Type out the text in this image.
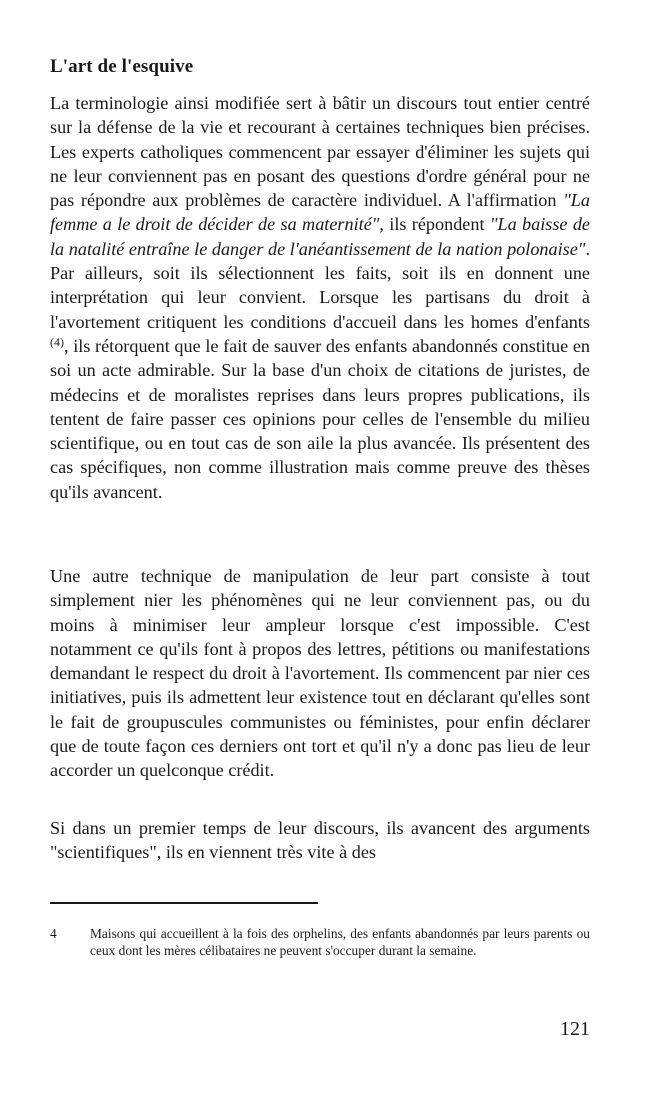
L'art de l'esquive

La terminologie ainsi modifiée sert à bâtir un discours tout entier centré sur la défense de la vie et recourant à certaines techniques bien précises. Les experts catholiques commencent par essayer d'éliminer les sujets qui ne leur conviennent pas en posant des questions d'ordre général pour ne pas répondre aux problèmes de caractère individuel. A l'affirmation "La femme a le droit de décider de sa maternité", ils répondent "La baisse de la natalité entraîne le danger de l'anéantissement de la nation polonaise". Par ailleurs, soit ils sélectionnent les faits, soit ils en donnent une interprétation qui leur convient. Lorsque les partisans du droit à l'avortement critiquent les conditions d'accueil dans les homes d'enfants $^{(4)}$, ils rétorquent que le fait de sauver des enfants abandonnés constitue en soi un acte admirable. Sur la base d'un choix de citations de juristes, de médecins et de moralistes reprises dans leurs propres publications, ils tentent de faire passer ces opinions pour celles de l'ensemble du milieu scientifique, ou en tout cas de son aile la plus avancée. Ils présentent des cas spécifiques, non comme illustration mais comme preuve des thèses qu'ils avancent.

Une autre technique de manipulation de leur part consiste à tout simplement nier les phénomènes qui ne leur conviennent pas, ou du moins à minimiser leur ampleur lorsque c'est impossible. C'est notamment ce qu'ils font à propos des lettres, pétitions ou manifestations demandant le respect du droit à l'avortement. Ils commencent par nier ces initiatives, puis ils admettent leur existence tout en déclarant qu'elles sont le fait de groupuscules communistes ou féministes, pour enfin déclarer que de toute façon ces derniers ont tort et qu'il n'y a donc pas lieu de leur accorder un quelconque crédit.

Si dans un premier temps de leur discours, ils avancent des arguments "scientifiques", ils en viennent très vite à des

4	Maisons qui accueillent à la fois des orphelins, des enfants abandonnés par leurs parents ou ceux dont les mères célibataires ne peuvent s'occuper durant la semaine.
121
